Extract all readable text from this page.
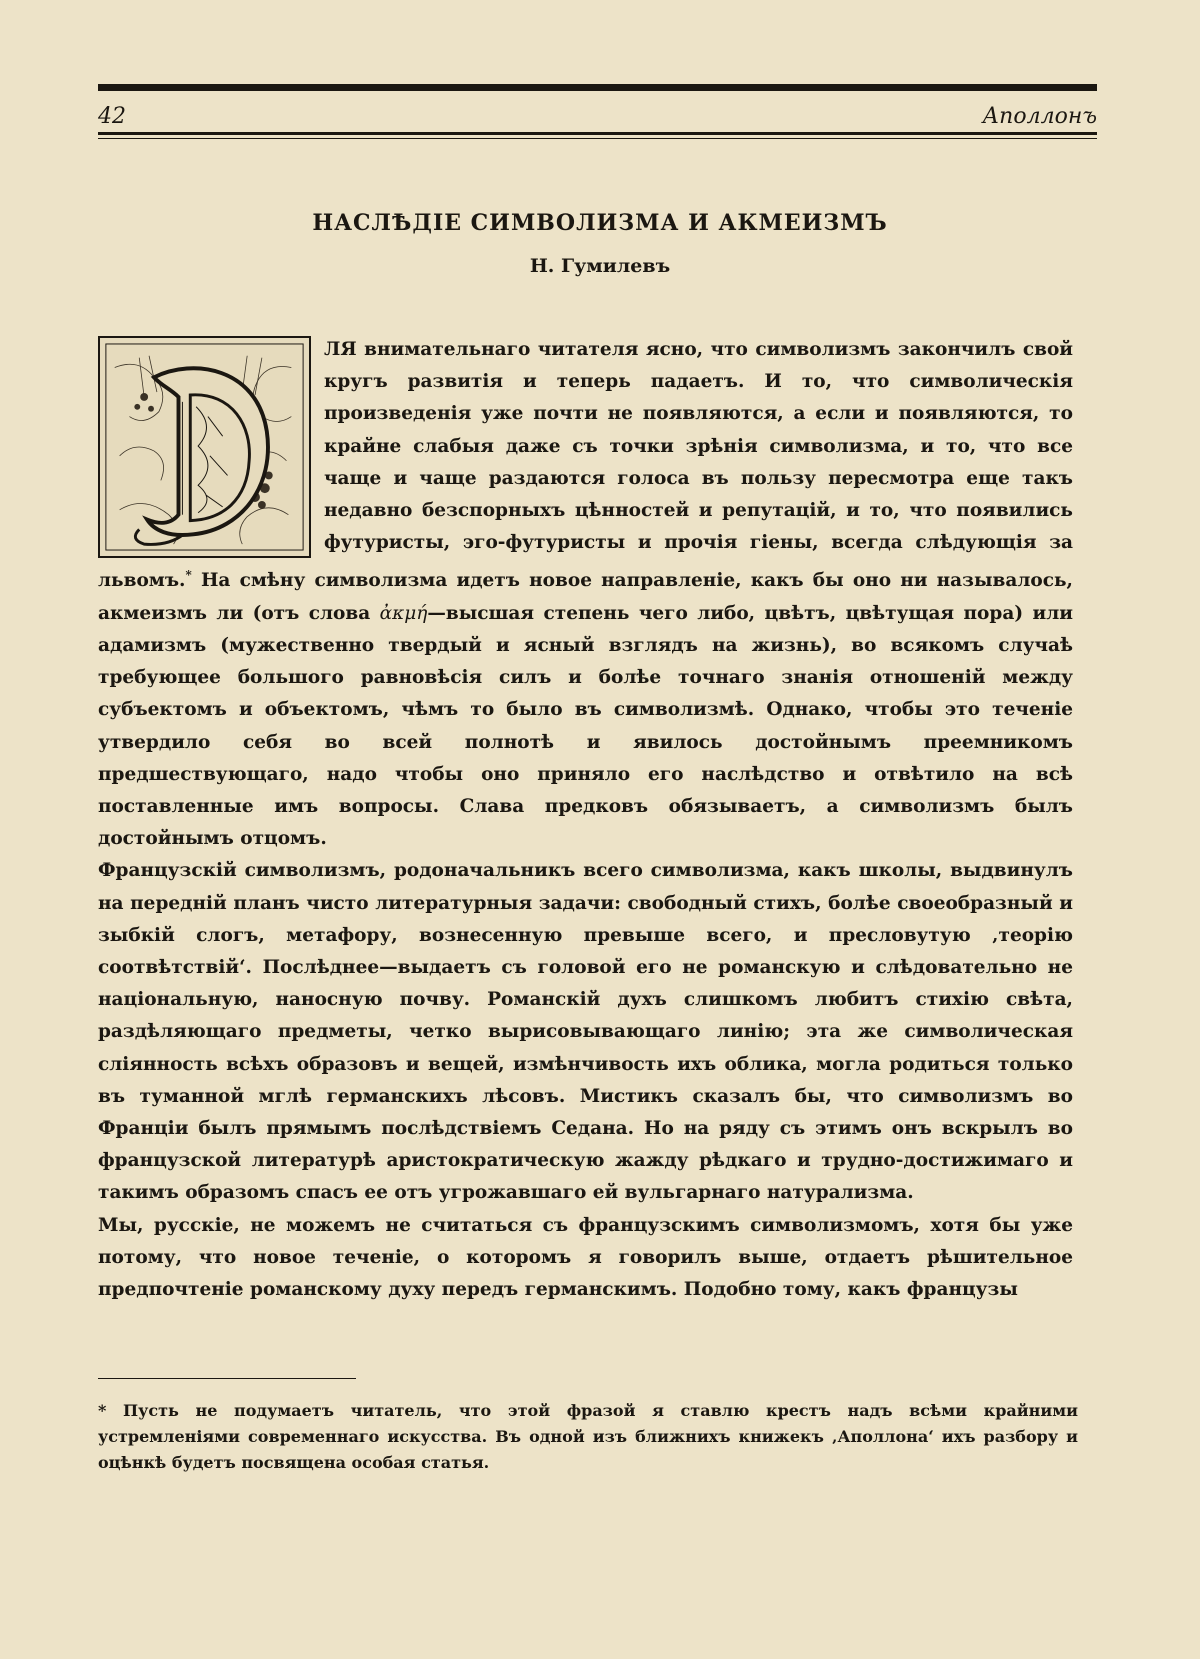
42	Аполлонъ
НАСЛѢДІЕ СИМВОЛИЗМА И АКМЕИЗМЪ
Н. Гумилевъ

ЛЯ внимательнаго читателя ясно, что символизмъ закончилъ свой кругъ развитія и теперь падаетъ. И то, что символическія произведенія уже почти не появляются, а если и появляются, то крайне слабыя даже съ точки зрѣнія символизма, и то, что все чаще и чаще раздаются голоса въ пользу пересмотра еще такъ недавно безспорныхъ цѣнностей и репутацій, и то, что появились футуристы, эго-футуристы и прочія гіены, всегда слѣдующія за львомъ.* На смѣну символизма идетъ новое направленіе, какъ бы оно ни называлось, акмеизмъ ли (отъ слова ἀκμή—высшая степень чего либо, цвѣтъ, цвѣтущая пора) или адамизмъ (мужественно твердый и ясный взглядъ на жизнь), во всякомъ случаѣ требующее большого равновѣсія силъ и болѣе точнаго знанія отношеній между субъектомъ и объектомъ, чѣмъ то было въ символизмѣ. Однако, чтобы это теченіе утвердило себя во всей полнотѣ и явилось достойнымъ преемникомъ предшествующаго, надо чтобы оно приняло его наслѣдство и отвѣтило на всѣ поставленные имъ вопросы. Слава предковъ обязываетъ, а символизмъ былъ достойнымъ отцомъ.

Французскій символизмъ, родоначальникъ всего символизма, какъ школы, выдвинулъ на передній планъ чисто литературныя задачи: свободный стихъ, болѣе своеобразный и зыбкій слогъ, метафору, вознесенную превыше всего, и пресловутую ‚теорію соотвѣтствій‘. Послѣднее—выдаетъ съ головой его не романскую и слѣдовательно не національную, наносную почву. Романскій духъ слишкомъ любитъ стихію свѣта, раздѣляющаго предметы, четко вырисовывающаго линію; эта же символическая сліянность всѣхъ образовъ и вещей, измѣнчивость ихъ облика, могла родиться только въ туманной мглѣ германскихъ лѣсовъ. Мистикъ сказалъ бы, что символизмъ во Франціи былъ прямымъ послѣдствіемъ Седана. Но на ряду съ этимъ онъ вскрылъ во французской литературѣ аристократическую жажду рѣдкаго и трудно-достижимаго и такимъ образомъ спасъ ее отъ угрожавшаго ей вульгарнаго натурализма.

Мы, русскіе, не можемъ не считаться съ французскимъ символизмомъ, хотя бы уже потому, что новое теченіе, о которомъ я говорилъ выше, отдаетъ рѣшительное предпочтеніе романскому духу передъ германскимъ. Подобно тому, какъ французы

* Пусть не подумаетъ читатель, что этой фразой я ставлю крестъ надъ всѣми крайними устремленіями современнаго искусства. Въ одной изъ ближнихъ книжекъ ‚Аполлона‘ ихъ разбору и оцѣнкѣ будетъ посвящена особая статья.
